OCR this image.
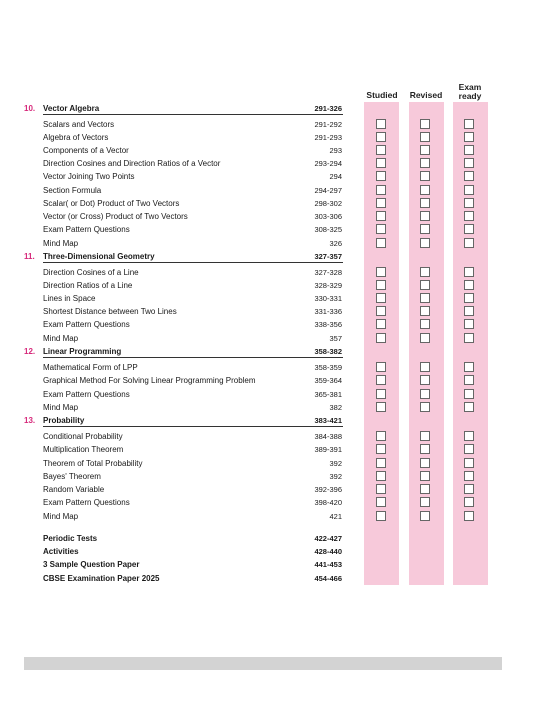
Studied	Revised
Exam ready
10. Vector Algebra	291-326
Scalars and Vectors	291-292
Algebra of Vectors	291-293
Components of a Vector	293
Direction Cosines and Direction Ratios of a Vector	293-294
Vector Joining Two Points	294
Section Formula	294-297
Scalar( or Dot) Product of Two Vectors	298-302
Vector (or Cross) Product of Two Vectors	303-306
Exam Pattern Questions	308-325
Mind Map	326
11.	Three-Dimensional Geometry	327-357
Direction Cosines of a Line	327-328
Direction Ratios of a Line	328-329
Lines in Space	330-331
Shortest Distance between Two Lines	331-336
Exam Pattern Questions	338-356
Mind Map	357
12. Linear Programming	358-382
Mathematical Form of LPP	358-359
Graphical Method For Solving Linear Programming Problem	359-364
Exam Pattern Questions	365-381
Mind Map	382
13. Probability	383-421
Conditional Probability	384-388
Multiplication Theorem	389-391
Theorem of Total Probability	392
Bayes' Theorem	392
Random Variable	392-396
Exam Pattern Questions	398-420
Mind Map	421
Periodic Tests	422-427
Activities	428-440
3 Sample Question Paper	441-453
CBSE Examination Paper 2025	454-466
